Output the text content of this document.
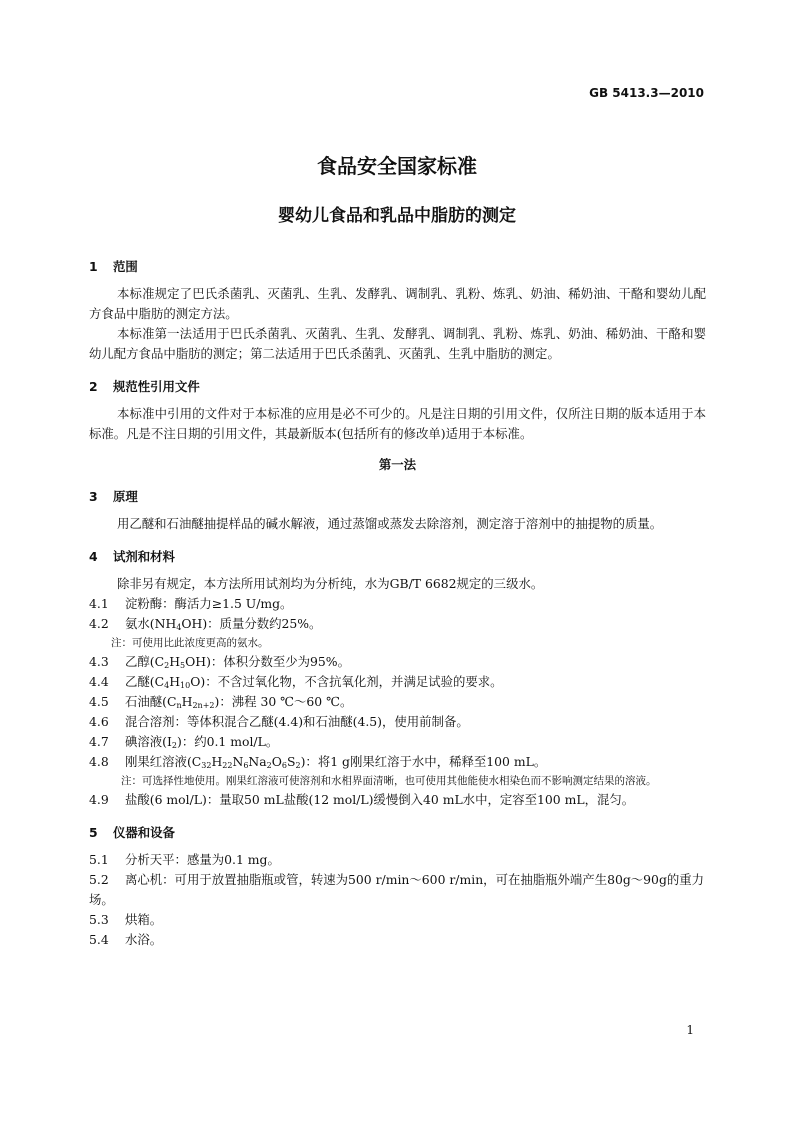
GB 5413.3—2010
食品安全国家标准
婴幼儿食品和乳品中脂肪的测定
1 范围

本标准规定了巴氏杀菌乳、灭菌乳、生乳、发酵乳、调制乳、乳粉、炼乳、奶油、稀奶油、干酪和婴幼儿配方食品中脂肪的测定方法。

本标准第一法适用于巴氏杀菌乳、灭菌乳、生乳、发酵乳、调制乳、乳粉、炼乳、奶油、稀奶油、干酪和婴幼儿配方食品中脂肪的测定；第二法适用于巴氏杀菌乳、灭菌乳、生乳中脂肪的测定。

2 规范性引用文件

本标准中引用的文件对于本标准的应用是必不可少的。凡是注日期的引用文件，仅所注日期的版本适用于本标准。凡是不注日期的引用文件，其最新版本(包括所有的修改单)适用于本标准。

第一法
3 原理

用乙醚和石油醚抽提样品的碱水解液，通过蒸馏或蒸发去除溶剂，测定溶于溶剂中的抽提物的质量。

4 试剂和材料

除非另有规定，本方法所用试剂均为分析纯，水为GB/T 6682规定的三级水。

4.1 淀粉酶：酶活力≥1.5 U/mg。

4.2 氨水$(NH_4OH)$：质量分数约25%。

注：可使用比此浓度更高的氨水。

4.3 乙醇$(C_2H_5OH)$：体积分数至少为95%。

4.4 乙醚$(C_4H_{10}O)$：不含过氧化物，不含抗氧化剂，并满足试验的要求。

4.5 石油醚$(C_nH_{2n+2})$：沸程 30 ℃～60 ℃。

4.6 混合溶剂：等体积混合乙醚(4.4)和石油醚(4.5)，使用前制备。

4.7 碘溶液$(I_2)$：约0.1 mol/L。

4.8 刚果红溶液$(C_{32}H_{22}N_6Na_2O_6S_2)$：将1 g刚果红溶于水中，稀释至100 mL。

注：可选择性地使用。刚果红溶液可使溶剂和水相界面清晰，也可使用其他能使水相染色而不影响测定结果的溶液。

4.9 盐酸(6 mol/L)：量取50 mL盐酸(12 mol/L)缓慢倒入40 mL水中，定容至100 mL，混匀。

5 仪器和设备

5.1 分析天平：感量为0.1 mg。

5.2 离心机：可用于放置抽脂瓶或管，转速为500 r/min～600 r/min，可在抽脂瓶外端产生80g～90g的重力场。

5.3 烘箱。

5.4 水浴。

1
